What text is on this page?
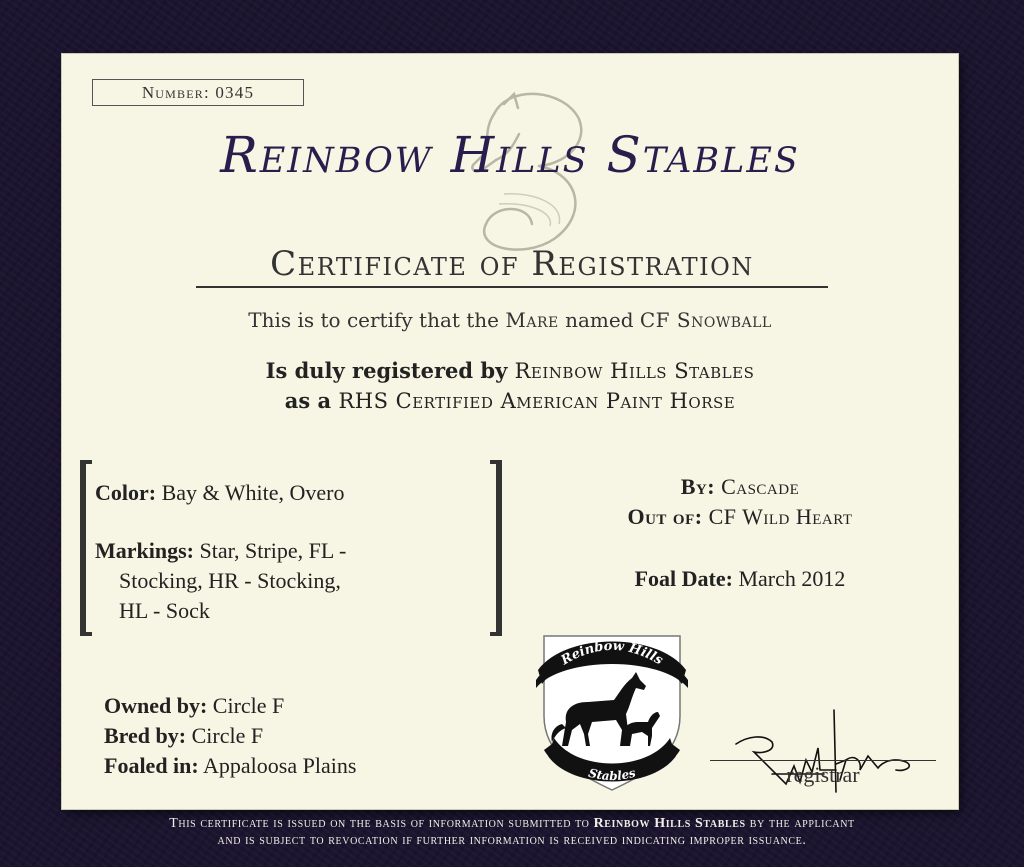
Number: 0345
Reinbow Hills Stables
Certificate of Registration
This is to certify that the Mare named CF Snowball
Is duly registered by Reinbow Hills Stables
as a RHS Certified American Paint Horse
Color: Bay & White, Overo
Markings: Star, Stripe, FL -
Stocking, HR - Stocking,
HL - Sock
By: Cascade
Out of: CF Wild Heart
Foal Date: March 2012
Owned by: Circle F
Bred by: Circle F
Foaled in: Appaloosa Plains
Reinbow Hills
Stables	registrar
This certificate is issued on the basis of information submitted to Reinbow Hills Stables by the applicant
and is subject to revocation if further information is received indicating improper issuance.
